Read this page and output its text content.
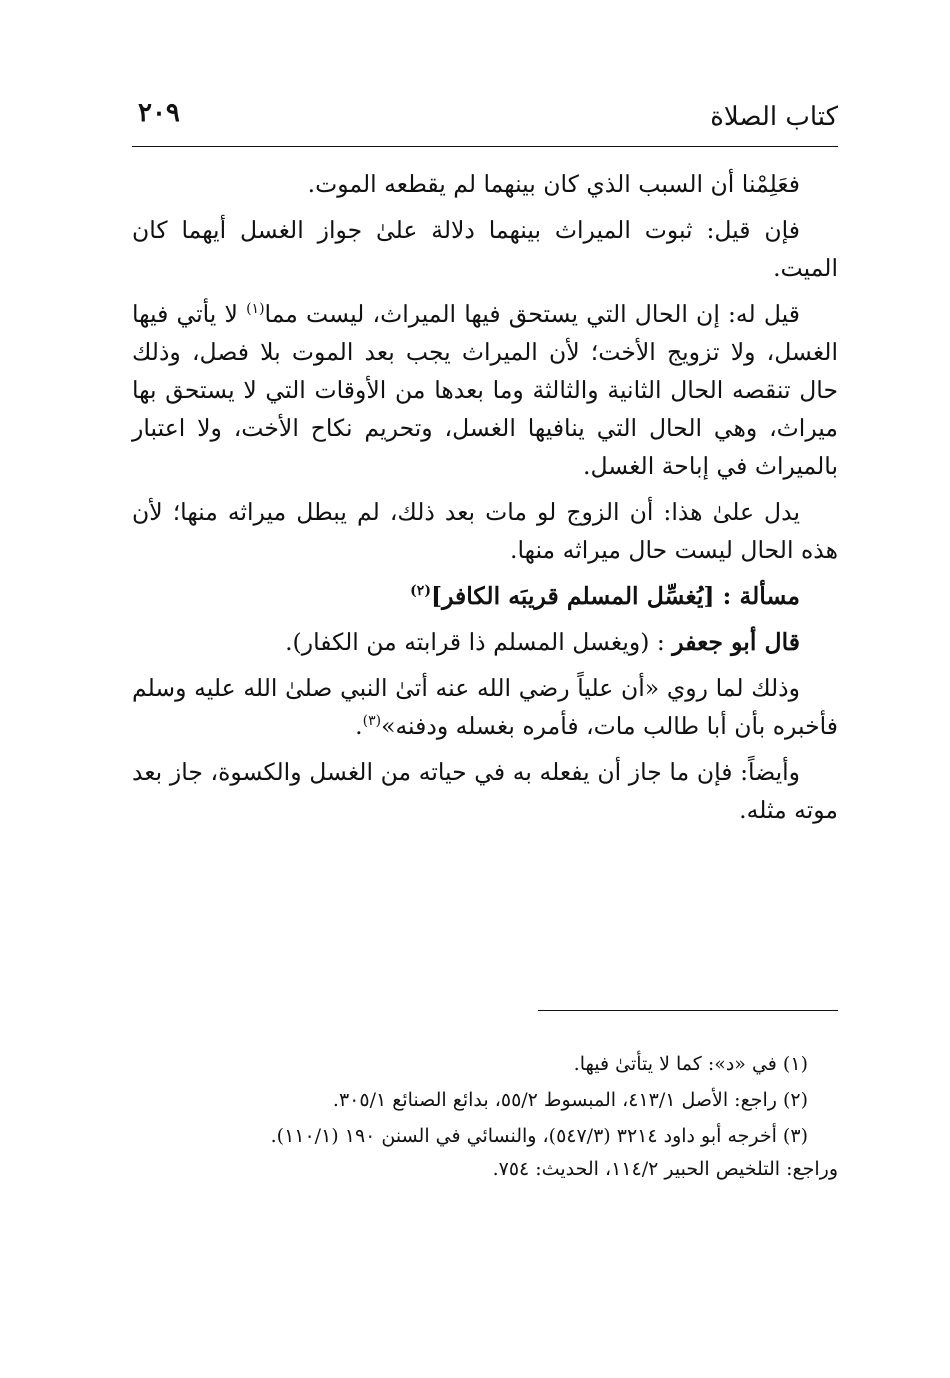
كتاب الصلاة
٢٠٩

فعَلِمْنا أن السبب الذي كان بينهما لم يقطعه الموت.

فإن قيل: ثبوت الميراث بينهما دلالة علىٰ جواز الغسل أيهما كان الميت.

قيل له: إن الحال التي يستحق فيها الميراث، ليست مما$^{(١)}$ لا يأتي فيها الغسل، ولا تزويج الأخت؛ لأن الميراث يجب بعد الموت بلا فصل، وذلك حال تنقصه الحال الثانية والثالثة وما بعدها من الأوقات التي لا يستحق بها ميراث، وهي الحال التي ينافيها الغسل، وتحريم نكاح الأخت، ولا اعتبار بالميراث في إباحة الغسل.

يدل علىٰ هذا: أن الزوج لو مات بعد ذلك، لم يبطل ميراثه منها؛ لأن هذه الحال ليست حال ميراثه منها.

مسألة : [يُغسِّل المسلم قريبَه الكافر]$^{(٢)}$

قال أبو جعفر : (ويغسل المسلم ذا قرابته من الكفار).

وذلك لما روي «أن علياً رضي الله عنه أتىٰ النبي صلىٰ الله عليه وسلم فأخبره بأن أبا طالب مات، فأمره بغسله ودفنه»$^{(٣)}$.

وأيضاً: فإن ما جاز أن يفعله به في حياته من الغسل والكسوة، جاز بعد موته مثله.

(١) في «د»: كما لا يتأتىٰ فيها.

(٢) راجع: الأصل ٤١٣/١، المبسوط ٥٥/٢، بدائع الصنائع ٣٠٥/١.

(٣) أخرجه أبو داود ٣٢١٤ (٥٤٧/٣)، والنسائي في السنن ١٩٠ (١١٠/١).

وراجع: التلخيص الحبير ١١٤/٢، الحديث: ٧٥٤.
